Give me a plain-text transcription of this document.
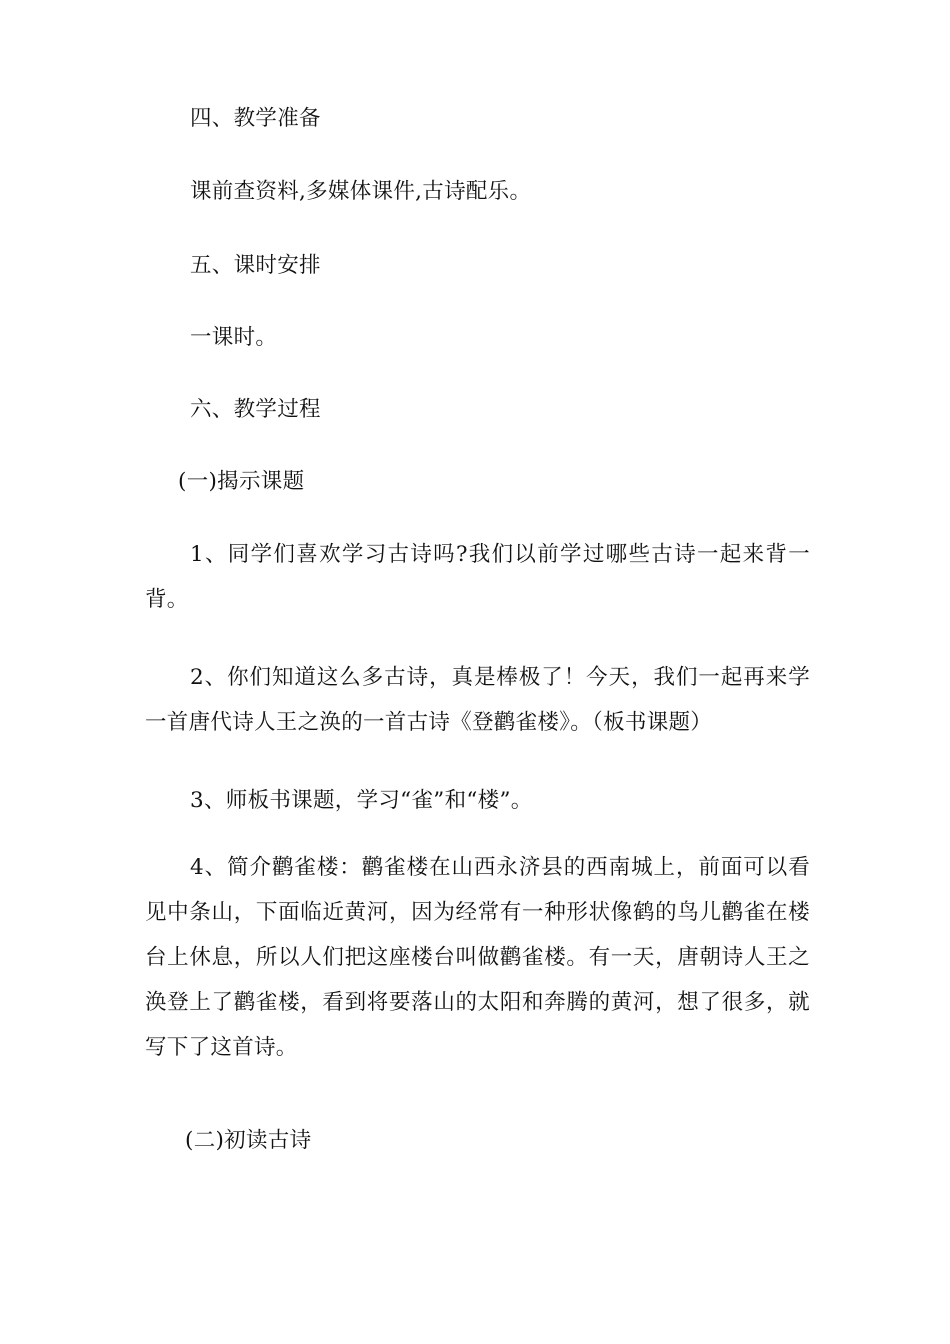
四、教学准备
课前查资料,多媒体课件,古诗配乐。
五、课时安排
一课时。
六、教学过程
(一)揭示课题
1、同学们喜欢学习古诗吗?我们以前学过哪些古诗一起来背一背。
2、你们知道这么多古诗，真是棒极了！今天，我们一起再来学一首唐代诗人王之涣的一首古诗《登鹳雀楼》。（板书课题）
3、师板书课题，学习“雀”和“楼”。
4、简介鹳雀楼：鹳雀楼在山西永济县的西南城上，前面可以看见中条山，下面临近黄河，因为经常有一种形状像鹤的鸟儿鹳雀在楼台上休息，所以人们把这座楼台叫做鹳雀楼。有一天，唐朝诗人王之涣登上了鹳雀楼，看到将要落山的太阳和奔腾的黄河，想了很多，就写下了这首诗。
(二)初读古诗
